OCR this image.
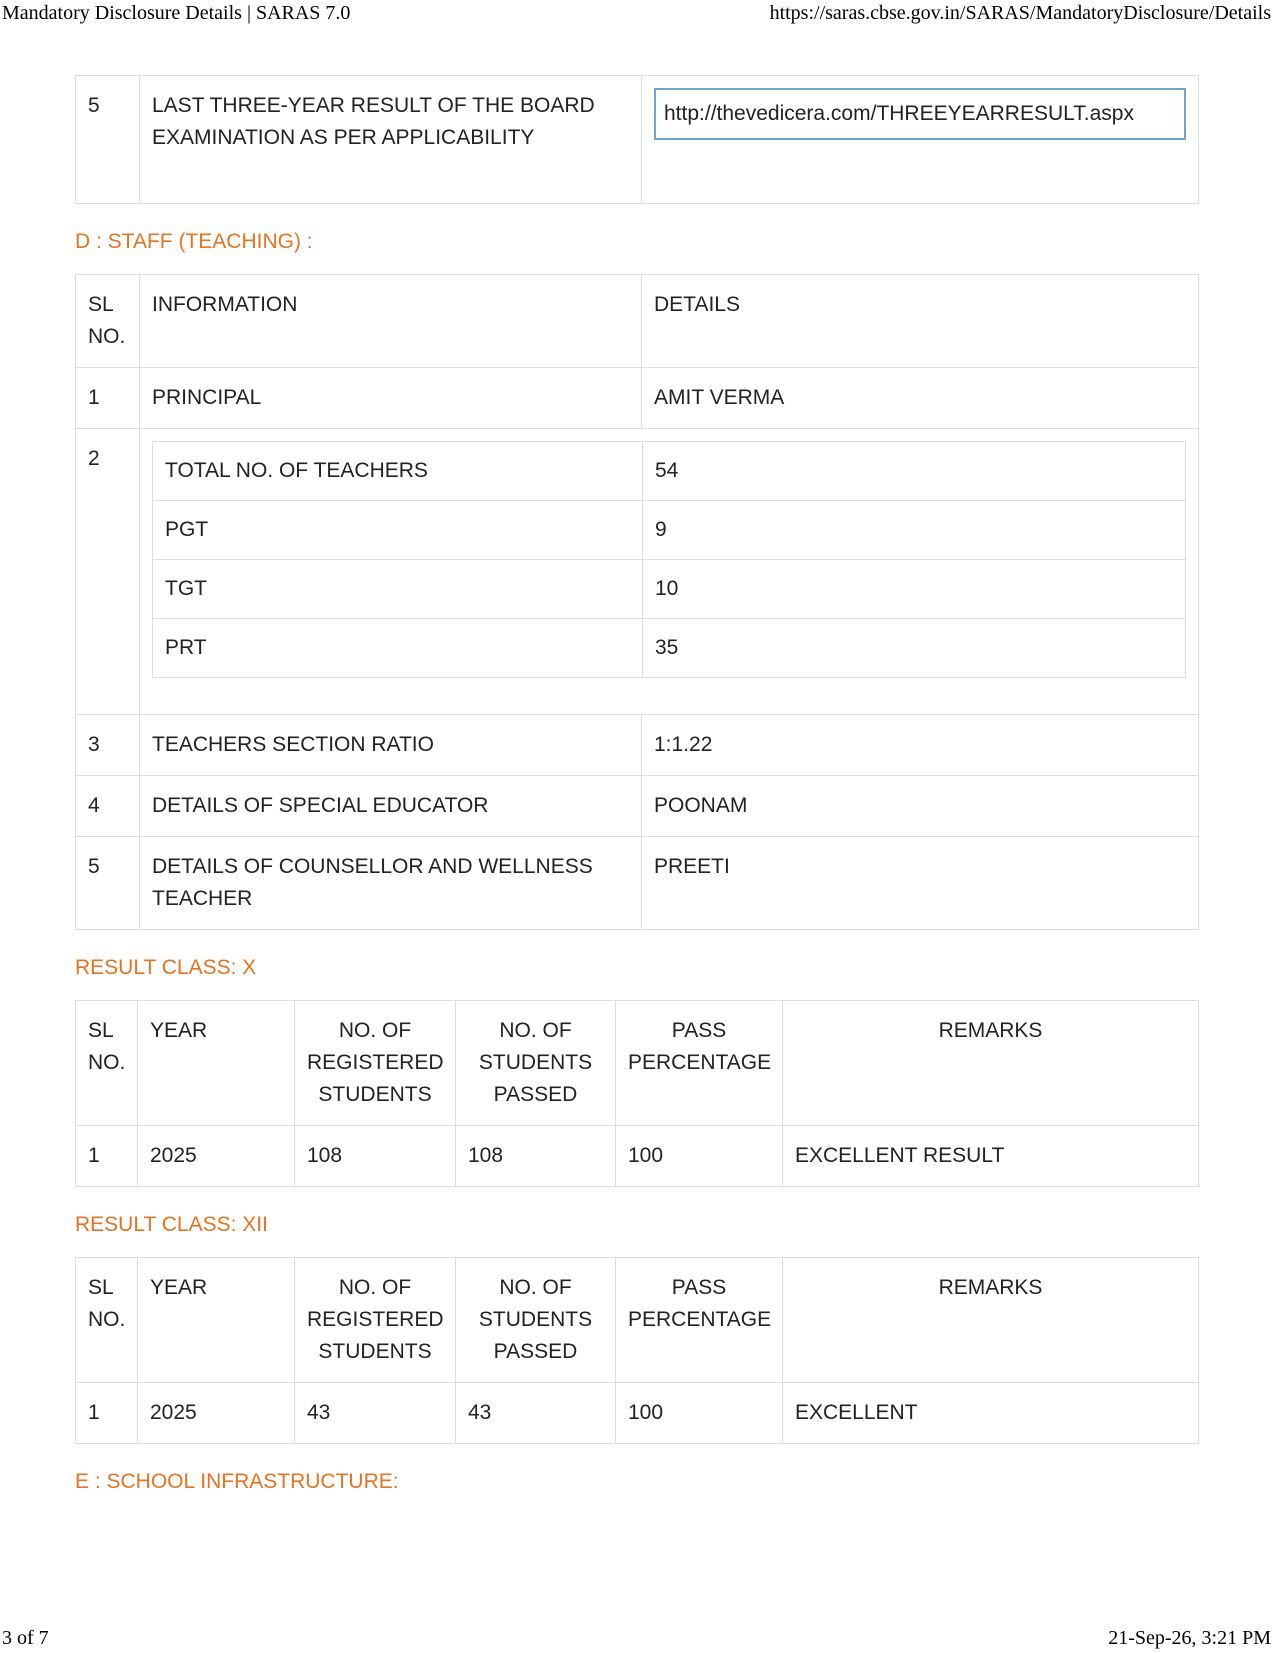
Mandatory Disclosure Details | SARAS 7.0	https://saras.cbse.gov.in/SARAS/MandatoryDisclosure/Details
5	LAST THREE-YEAR RESULT OF THE BOARD EXAMINATION AS PER APPLICABILITY	
http://thevedicera.com/THREEYEARRESULT.aspx
D : STAFF (TEACHING) :
SL NO.	INFORMATION	DETAILS
1	PRINCIPAL	AMIT VERMA
2	
TOTAL NO. OF TEACHERS	54
PGT	9
TGT	10
PRT	35

3	TEACHERS SECTION RATIO	1:1.22
4	DETAILS OF SPECIAL EDUCATOR	POONAM
5	DETAILS OF COUNSELLOR AND WELLNESS TEACHER	PREETI
RESULT CLASS: X
SL NO.	YEAR	NO. OF REGISTERED STUDENTS	NO. OF STUDENTS PASSED	PASS PERCENTAGE	REMARKS
1	2025	108	108	100	EXCELLENT RESULT
RESULT CLASS: XII
SL NO.	YEAR	NO. OF REGISTERED STUDENTS	NO. OF STUDENTS PASSED	PASS PERCENTAGE	REMARKS
1	2025	43	43	100	EXCELLENT
E : SCHOOL INFRASTRUCTURE:
3 of 7	21-Sep-26, 3:21 PM
